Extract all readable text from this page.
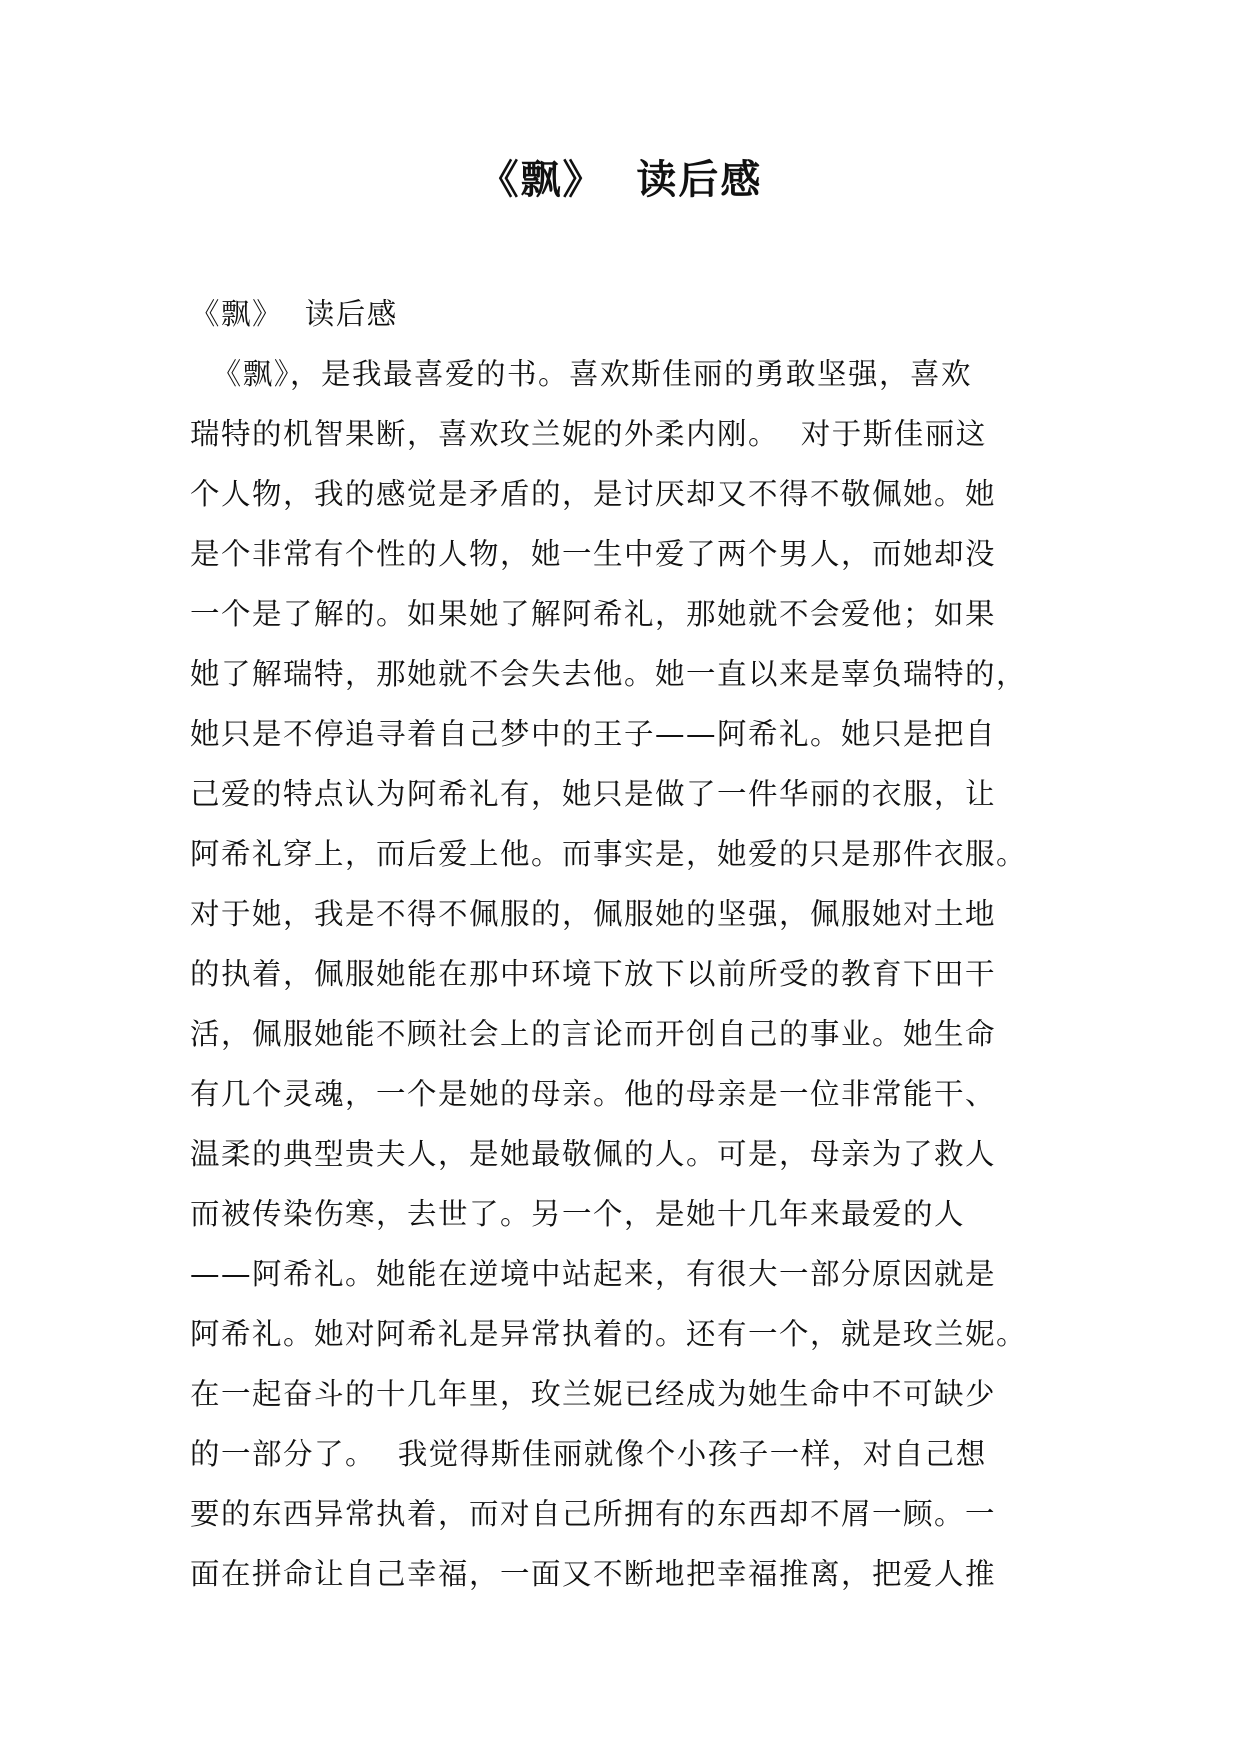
《飘》  读后感
《飘》  读后感
《飘》，是我最喜爱的书。喜欢斯佳丽的勇敢坚强，喜欢
瑞特的机智果断，喜欢玫兰妮的外柔内刚。  对于斯佳丽这
个人物，我的感觉是矛盾的，是讨厌却又不得不敬佩她。她
是个非常有个性的人物，她一生中爱了两个男人，而她却没
一个是了解的。如果她了解阿希礼，那她就不会爱他；如果
她了解瑞特，那她就不会失去他。她一直以来是辜负瑞特的，
她只是不停追寻着自己梦中的王子——阿希礼。她只是把自
己爱的特点认为阿希礼有，她只是做了一件华丽的衣服，让
阿希礼穿上，而后爱上他。而事实是，她爱的只是那件衣服。
对于她，我是不得不佩服的，佩服她的坚强，佩服她对土地
的执着，佩服她能在那中环境下放下以前所受的教育下田干
活，佩服她能不顾社会上的言论而开创自己的事业。她生命
有几个灵魂，一个是她的母亲。他的母亲是一位非常能干、
温柔的典型贵夫人，是她最敬佩的人。可是，母亲为了救人
而被传染伤寒，去世了。另一个，是她十几年来最爱的人
——阿希礼。她能在逆境中站起来，有很大一部分原因就是
阿希礼。她对阿希礼是异常执着的。还有一个，就是玫兰妮。
在一起奋斗的十几年里，玫兰妮已经成为她生命中不可缺少
的一部分了。  我觉得斯佳丽就像个小孩子一样，对自己想
要的东西异常执着，而对自己所拥有的东西却不屑一顾。一
面在拼命让自己幸福，一面又不断地把幸福推离，把爱人推
